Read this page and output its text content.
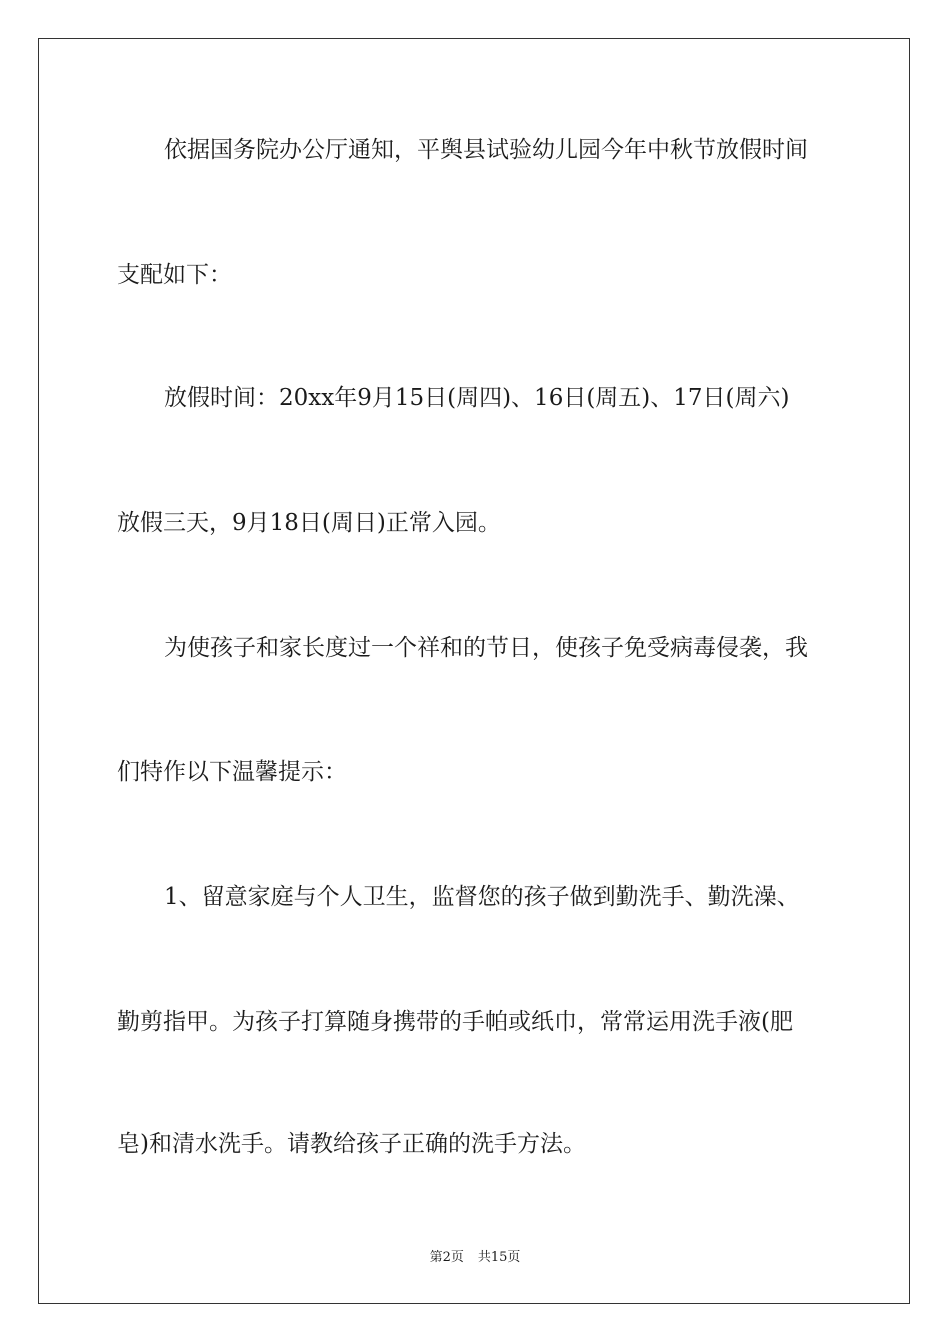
依据国务院办公厅通知，平舆县试验幼儿园今年中秋节放假时间

支配如下：

放假时间：20xx年9月15日(周四)、16日(周五)、17日(周六)

放假三天，9月18日(周日)正常入园。

为使孩子和家长度过一个祥和的节日，使孩子免受病毒侵袭，我

们特作以下温馨提示：

1、留意家庭与个人卫生，监督您的孩子做到勤洗手、勤洗澡、

勤剪指甲。为孩子打算随身携带的手帕或纸巾，常常运用洗手液(肥

皂)和清水洗手。请教给孩子正确的洗手方法。

第2页 共15页
